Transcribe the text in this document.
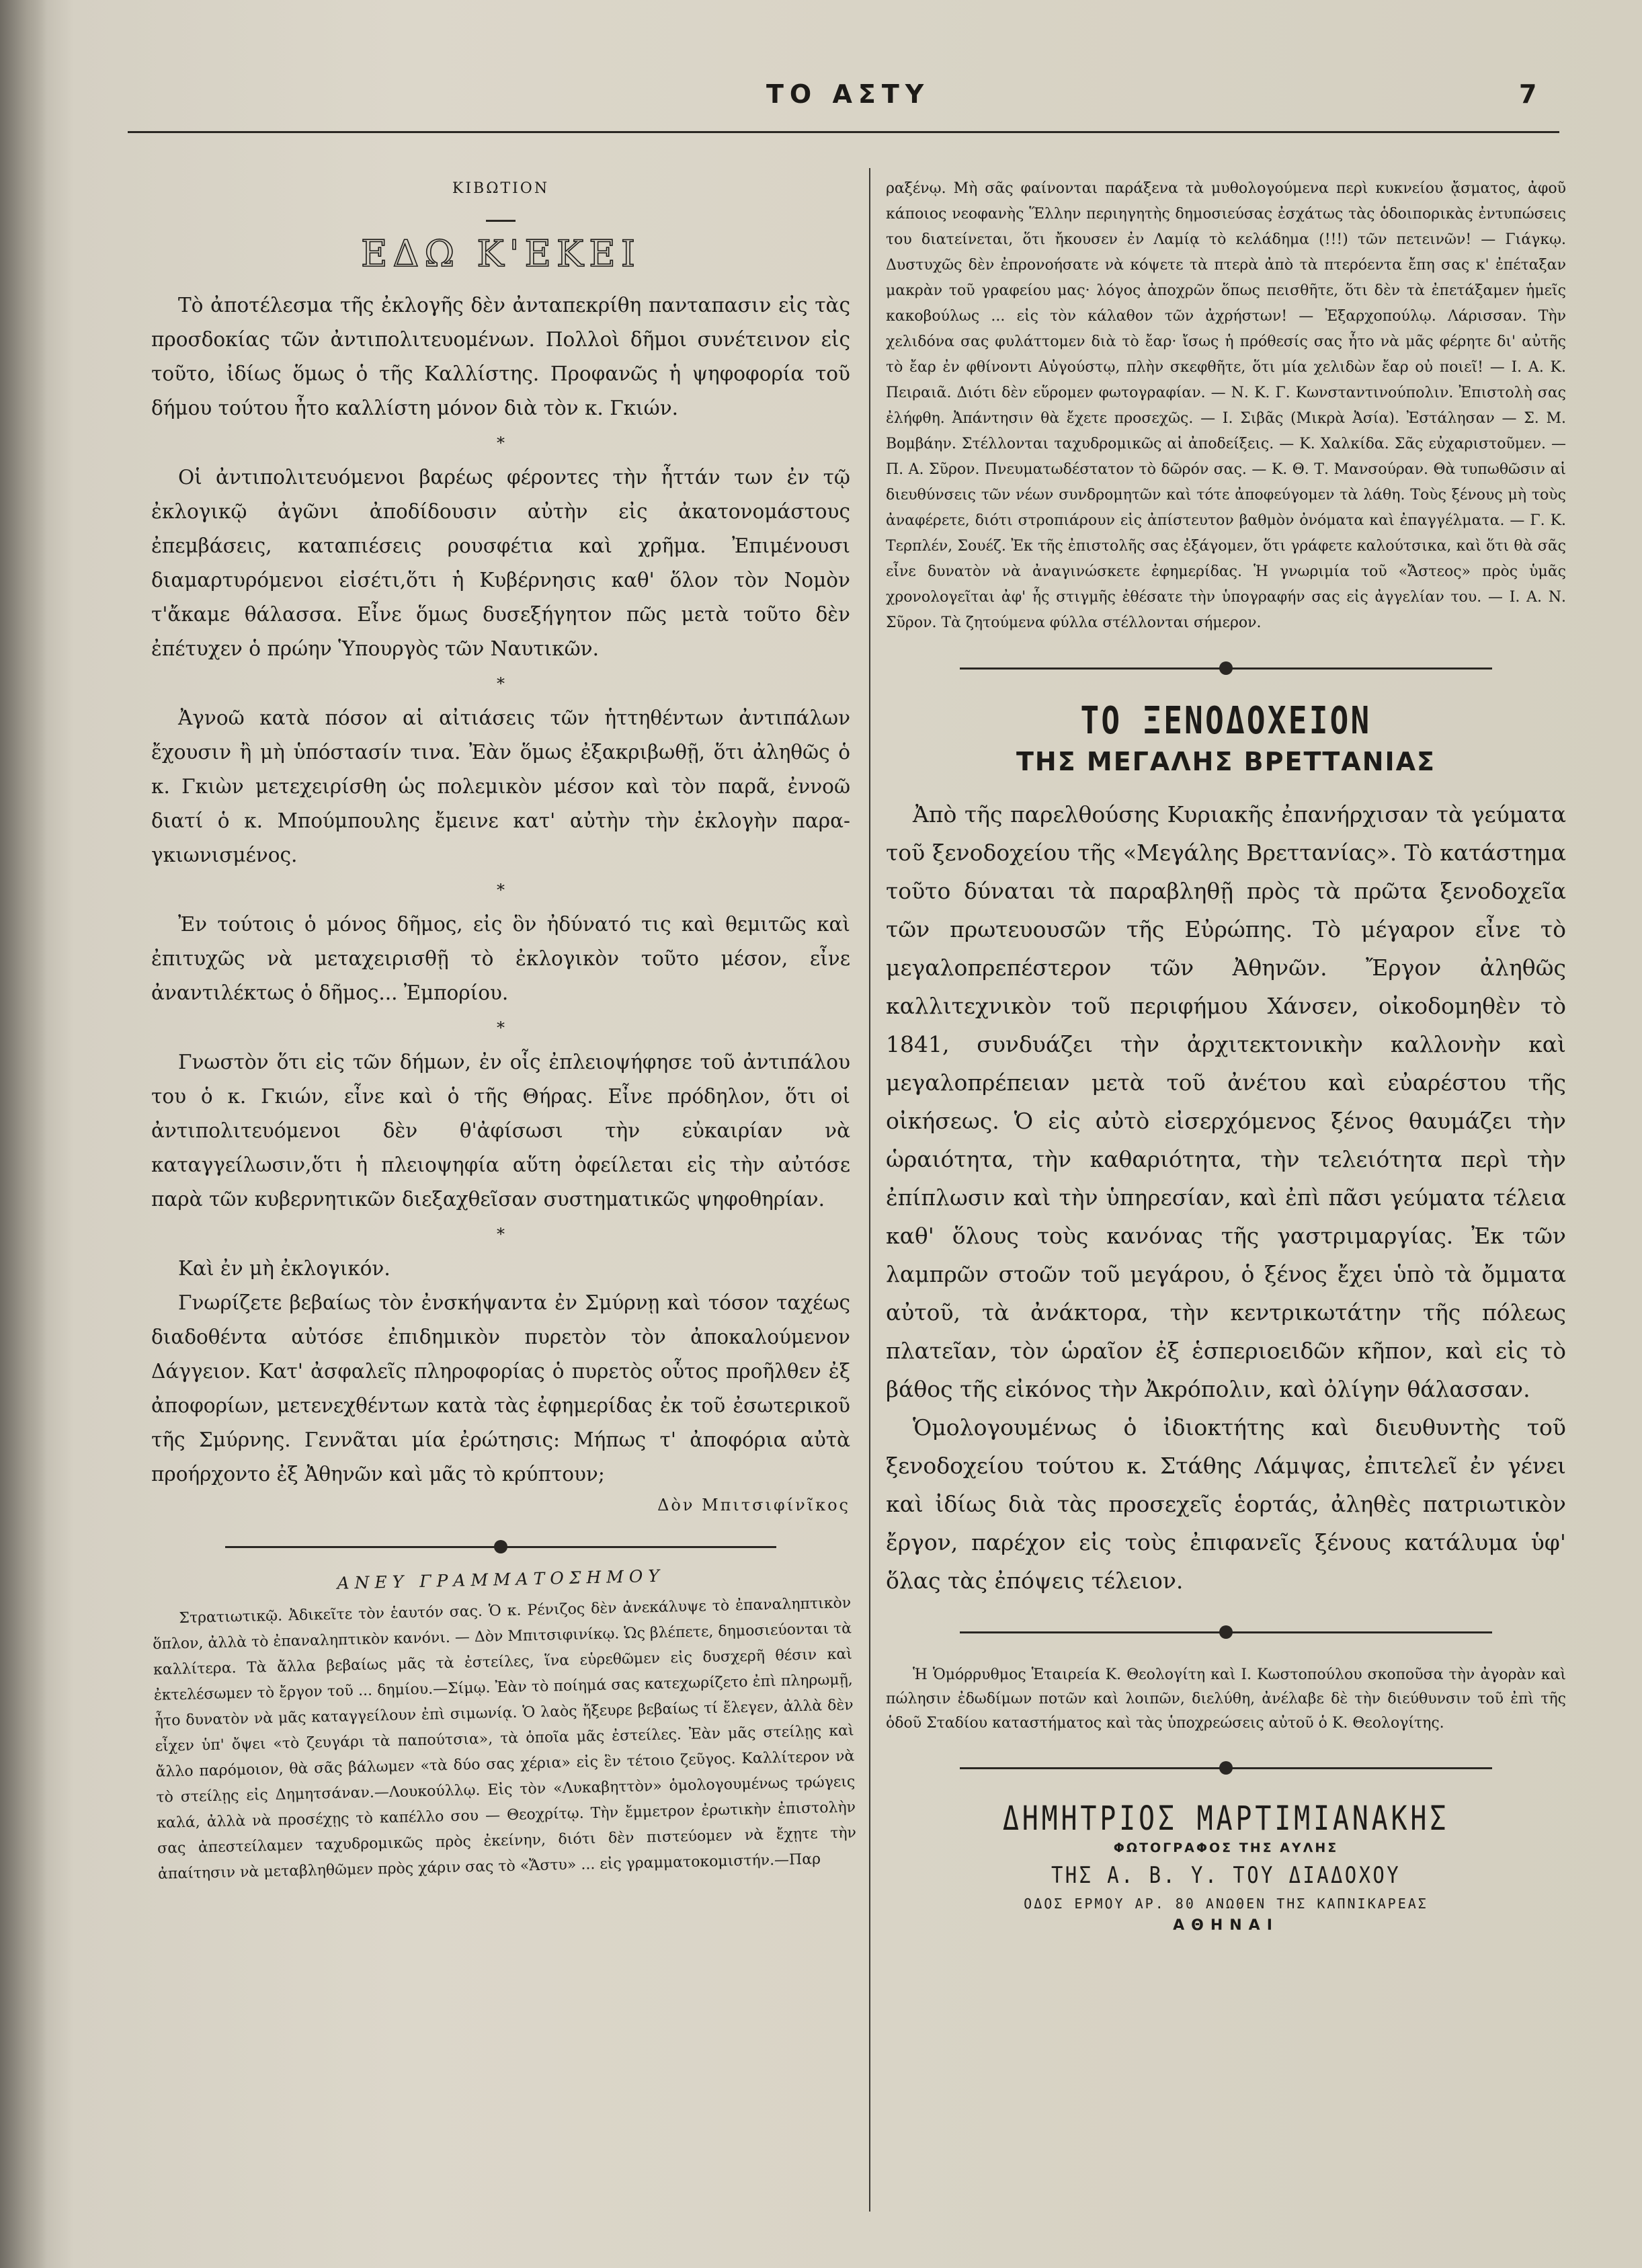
ΤΟ ΑΣΤΥ	7

ΚΙΒΩΤΙΟΝ

ΕΔΩ Κ'ΕΚΕΙ

Τὸ ἀποτέλεσμα τῆς ἐκλογῆς δὲν ἀνταπεκρίθη πανταπασιν εἰς τὰς προσδοκίας τῶν ἀντιπολιτευομένων. Πολλοὶ δῆμοι συνέτεινον εἰς τοῦτο, ἰδίως ὅμως ὁ τῆς Καλλίστης. Προφανῶς ἡ ψηφοφορία τοῦ δήμου τούτου ἦτο καλλίστη μόνον διὰ τὸν κ. Γκιών.

*

Οἱ ἀντιπολιτευόμενοι βαρέως φέροντες τὴν ἧττάν των ἐν τῷ ἐκλογικῷ ἀγῶνι ἀποδίδουσιν αὐτὴν εἰς ἀκατονομάστους ἐπεμβάσεις, καταπιέσεις ρουσφέτια καὶ χρῆμα. Ἐπιμένουσι διαμαρτυρόμενοι εἰσέτι,ὅτι ἡ Κυβέρνησις καθ' ὅλον τὸν Νομὸν τ'ἄκαμε θάλασσα. Εἶνε ὅμως δυσεξήγητον πῶς μετὰ τοῦτο δὲν ἐπέτυχεν ὁ πρώην Ὑπουργὸς τῶν Ναυτικῶν.

*

Ἀγνοῶ κατὰ πόσον αἱ αἰτιάσεις τῶν ἡττηθέντων ἀντιπάλων ἔχουσιν ἢ μὴ ὑπόστασίν τινα. Ἐὰν ὅμως ἐξακριβωθῇ, ὅτι ἀληθῶς ὁ κ. Γκιὼν μετεχειρίσθη ὡς πολεμικὸν μέσον καὶ τὸν παρᾶ, ἐννοῶ διατί ὁ κ. Μπούμπουλης ἔμεινε κατ' αὐτὴν τὴν ἐκλογὴν παρα-γκιωνισμένος.

*

Ἐν τούτοις ὁ μόνος δῆμος, εἰς ὃν ἠδύνατό τις καὶ θεμιτῶς καὶ ἐπιτυχῶς νὰ μεταχειρισθῇ τὸ ἐκλογικὸν τοῦτο μέσον, εἶνε ἀναντιλέκτως ὁ δῆμος... Ἐμπορίου.

*

Γνωστὸν ὅτι εἰς τῶν δήμων, ἐν οἷς ἐπλειοψήφησε τοῦ ἀντιπάλου του ὁ κ. Γκιών, εἶνε καὶ ὁ τῆς Θήρας. Εἶνε πρόδηλον, ὅτι οἱ ἀντιπολιτευόμενοι δὲν θ'ἀφίσωσι τὴν εὐκαιρίαν νὰ καταγγείλωσιν,ὅτι ἡ πλειοψηφία αὕτη ὀφείλεται εἰς τὴν αὐτόσε παρὰ τῶν κυβερνητικῶν διεξαχθεῖσαν συστηματικῶς ψηφοθηρίαν.

*

Καὶ ἐν μὴ ἐκλογικόν.

Γνωρίζετε βεβαίως τὸν ἐνσκήψαντα ἐν Σμύρνῃ καὶ τόσον ταχέως διαδοθέντα αὐτόσε ἐπιδημικὸν πυρετὸν τὸν ἀποκαλούμενον Δάγγειον. Κατ' ἀσφαλεῖς πληροφορίας ὁ πυρετὸς οὗτος προῆλθεν ἐξ ἀποφορίων, μετενεχθέντων κατὰ τὰς ἐφημερίδας ἐκ τοῦ ἐσωτερικοῦ τῆς Σμύρνης. Γεννᾶται μία ἐρώτησις: Μήπως τ' ἀποφόρια αὐτὰ προήρχοντο ἐξ Ἀθηνῶν καὶ μᾶς τὸ κρύπτουν;

Δὸν Μπιτσιφίνῖκος

ΑΝΕΥ ΓΡΑΜΜΑΤΟΣΗΜΟΥ

Στρατιωτικῷ. Ἀδικεῖτε τὸν ἑαυτόν σας. Ὁ κ. Ρένιζος δὲν ἀνεκάλυψε τὸ ἐπαναληπτικὸν ὅπλον, ἀλλὰ τὸ ἐπαναληπτικὸν κανόνι. — Δὸν Μπιτσιφινίκῳ. Ὡς βλέπετε, δημοσιεύονται τὰ καλλίτερα. Τὰ ἄλλα βεβαίως μᾶς τὰ ἐστείλες, ἵνα εὑρεθῶμεν εἰς δυσχερῆ θέσιν καὶ ἐκτελέσωμεν τὸ ἔργον τοῦ ... δημίου.—Σίμῳ. Ἐὰν τὸ ποίημά σας κατεχωρίζετο ἐπὶ πληρωμῇ, ἦτο δυνατὸν νὰ μᾶς καταγγείλουν ἐπὶ σιμωνίᾳ. Ὁ λαὸς ἤξευρε βεβαίως τί ἔλεγεν, ἀλλὰ δὲν εἶχεν ὑπ' ὄψει «τὸ ζευγάρι τὰ παπούτσια», τὰ ὁποῖα μᾶς ἐστείλες. Ἐὰν μᾶς στείλῃς καὶ ἄλλο παρόμοιον, θὰ σᾶς βάλωμεν «τὰ δύο σας χέρια» εἰς ἓν τέτοιο ζεῦγος. Καλλίτερον νὰ τὸ στείλῃς εἰς Δημητσάναν.—Λουκούλλῳ. Εἰς τὸν «Λυκαβηττὸν» ὁμολογουμένως τρώγεις καλά, ἀλλὰ νὰ προσέχῃς τὸ καπέλλο σου — Θεοχρίτῳ. Τὴν ἔμμετρον ἐρωτικὴν ἐπιστολὴν σας ἀπεστείλαμεν ταχυδρομικῶς πρὸς ἐκείνην, διότι δὲν πιστεύομεν νὰ ἔχῃτε τὴν ἀπαίτησιν νὰ μεταβληθῶμεν πρὸς χάριν σας τὸ «Ἄστυ» ... εἰς γραμματοκομιστήν.—Παρ

ραξένῳ. Μὴ σᾶς φαίνονται παράξενα τὰ μυθολογούμενα περὶ κυκνείου ᾄσματος, ἀφοῦ κάποιος νεοφανὴς Ἕλλην περιηγητὴς δημοσιεύσας ἐσχάτως τὰς ὁδοιπορικὰς ἐντυπώσεις του διατείνεται, ὅτι ἤκουσεν ἐν Λαμίᾳ τὸ κελάδημα (!!!) τῶν πετεινῶν! — Γιάγκῳ. Δυστυχῶς δὲν ἐπρονοήσατε νὰ κόψετε τὰ πτερὰ ἀπὸ τὰ πτερόεντα ἔπη σας κ' ἐπέταξαν μακρὰν τοῦ γραφείου μας· λόγος ἀποχρῶν ὅπως πεισθῆτε, ὅτι δὲν τὰ ἐπετάξαμεν ἡμεῖς κακοβούλως ... εἰς τὸν κάλαθον τῶν ἀχρήστων! — Ἐξαρχοπούλῳ. Λάρισσαν. Τὴν χελιδόνα σας φυλάττομεν διὰ τὸ ἔαρ· ἴσως ἡ πρόθεσίς σας ἦτο νὰ μᾶς φέρητε δι' αὐτῆς τὸ ἔαρ ἐν φθίνοντι Αὐγούστῳ, πλὴν σκεφθῆτε, ὅτι μία χελιδὼν ἔαρ οὐ ποιεῖ! — Ι. Α. Κ. Πειραιᾶ. Διότι δὲν εὕρομεν φωτογραφίαν. — Ν. Κ. Γ. Κωνσταντινούπολιν. Ἐπιστολὴ σας ἐλήφθη. Ἀπάντησιν θὰ ἔχετε προσεχῶς. — Ι. Σιβᾶς (Μικρὰ Ἀσία). Ἐστάλησαν — Σ. Μ. Βομβάην. Στέλλονται ταχυδρομικῶς αἱ ἀποδείξεις. — Κ. Χαλκίδα. Σᾶς εὐχαριστοῦμεν. — Π. Α. Σῦρον. Πνευματωδέστατον τὸ δῶρόν σας. — Κ. Θ. Τ. Μανσούραν. Θὰ τυπωθῶσιν αἱ διευθύνσεις τῶν νέων συνδρομητῶν καὶ τότε ἀποφεύγομεν τὰ λάθη. Τοὺς ξένους μὴ τοὺς ἀναφέρετε, διότι στροπιάρουν εἰς ἀπίστευτον βαθμὸν ὀνόματα καὶ ἐπαγγέλματα. — Γ. Κ. Τερπλέν, Σουέζ. Ἐκ τῆς ἐπιστολῆς σας ἐξάγομεν, ὅτι γράφετε καλούτσικα, καὶ ὅτι θὰ σᾶς εἶνε δυνατὸν νὰ ἀναγινώσκετε ἐφημερίδας. Ἡ γνωριμία τοῦ «Ἄστεος» πρὸς ὑμᾶς χρονολογεῖται ἀφ' ἧς στιγμῆς ἐθέσατε τὴν ὑπογραφήν σας εἰς ἀγγελίαν του. — Ι. Α. Ν. Σῦρον. Τὰ ζητούμενα φύλλα στέλλονται σήμερον.

ΤΟ ΞΕΝΟΔΟΧΕΙΟΝ
ΤΗΣ ΜΕΓΑΛΗΣ ΒΡΕΤΤΑΝΙΑΣ

Ἀπὸ τῆς παρελθούσης Κυριακῆς ἐπανήρχισαν τὰ γεύματα τοῦ ξενοδοχείου τῆς «Μεγάλης Βρεττανίας». Τὸ κατάστημα τοῦτο δύναται τὰ παραβληθῇ πρὸς τὰ πρῶτα ξενοδοχεῖα τῶν πρωτευουσῶν τῆς Εὐρώπης. Τὸ μέγαρον εἶνε τὸ μεγαλοπρεπέστερον τῶν Ἀθηνῶν. Ἔργον ἀληθῶς καλλιτεχνικὸν τοῦ περιφήμου Χάνσεν, οἰκοδομηθὲν τὸ 1841, συνδυάζει τὴν ἀρχιτεκτονικὴν καλλονὴν καὶ μεγαλοπρέπειαν μετὰ τοῦ ἀνέτου καὶ εὐαρέστου τῆς οἰκήσεως. Ὁ εἰς αὐτὸ εἰσερχόμενος ξένος θαυμάζει τὴν ὡραιότητα, τὴν καθαριότητα, τὴν τελειότητα περὶ τὴν ἐπίπλωσιν καὶ τὴν ὑπηρεσίαν, καὶ ἐπὶ πᾶσι γεύματα τέλεια καθ' ὅλους τοὺς κανόνας τῆς γαστριμαργίας. Ἐκ τῶν λαμπρῶν στοῶν τοῦ μεγάρου, ὁ ξένος ἔχει ὑπὸ τὰ ὄμματα αὐτοῦ, τὰ ἀνάκτορα, τὴν κεντρικωτάτην τῆς πόλεως πλατεῖαν, τὸν ὡραῖον ἐξ ἑσπεριοειδῶν κῆπον, καὶ εἰς τὸ βάθος τῆς εἰκόνος τὴν Ἀκρόπολιν, καὶ ὀλίγην θάλασσαν.

Ὁμολογουμένως ὁ ἰδιοκτήτης καὶ διευθυντὴς τοῦ ξενοδοχείου τούτου κ. Στάθης Λάμψας, ἐπιτελεῖ ἐν γένει καὶ ἰδίως διὰ τὰς προσεχεῖς ἑορτάς, ἀληθὲς πατριωτικὸν ἔργον, παρέχον εἰς τοὺς ἐπιφανεῖς ξένους κατάλυμα ὑφ' ὅλας τὰς ἐπόψεις τέλειον.

Ἡ Ὁμόρρυθμος Ἑταιρεία Κ. Θεολογίτη καὶ Ι. Κωστοπούλου σκοποῦσα τὴν ἀγορὰν καὶ πώλησιν ἐδωδίμων ποτῶν καὶ λοιπῶν, διελύθη, ἀνέλαβε δὲ τὴν διεύθυνσιν τοῦ ἐπὶ τῆς ὁδοῦ Σταδίου καταστήματος καὶ τὰς ὑποχρεώσεις αὐτοῦ ὁ Κ. Θεολογίτης.

ΔΗΜΗΤΡΙΟΣ ΜΑΡΤΙΜΙΑΝΑΚΗΣ

ΦΩΤΟΓΡΑΦΟΣ ΤΗΣ ΑΥΛΗΣ

ΤΗΣ Α. Β. Υ. ΤΟΥ ΔΙΑΔΟΧΟΥ

ΟΔΟΣ ΕΡΜΟΥ ΑΡ. 80 ΑΝΩΘΕΝ ΤΗΣ ΚΑΠΝΙΚΑΡΕΑΣ

ΑΘΗΝΑΙ
